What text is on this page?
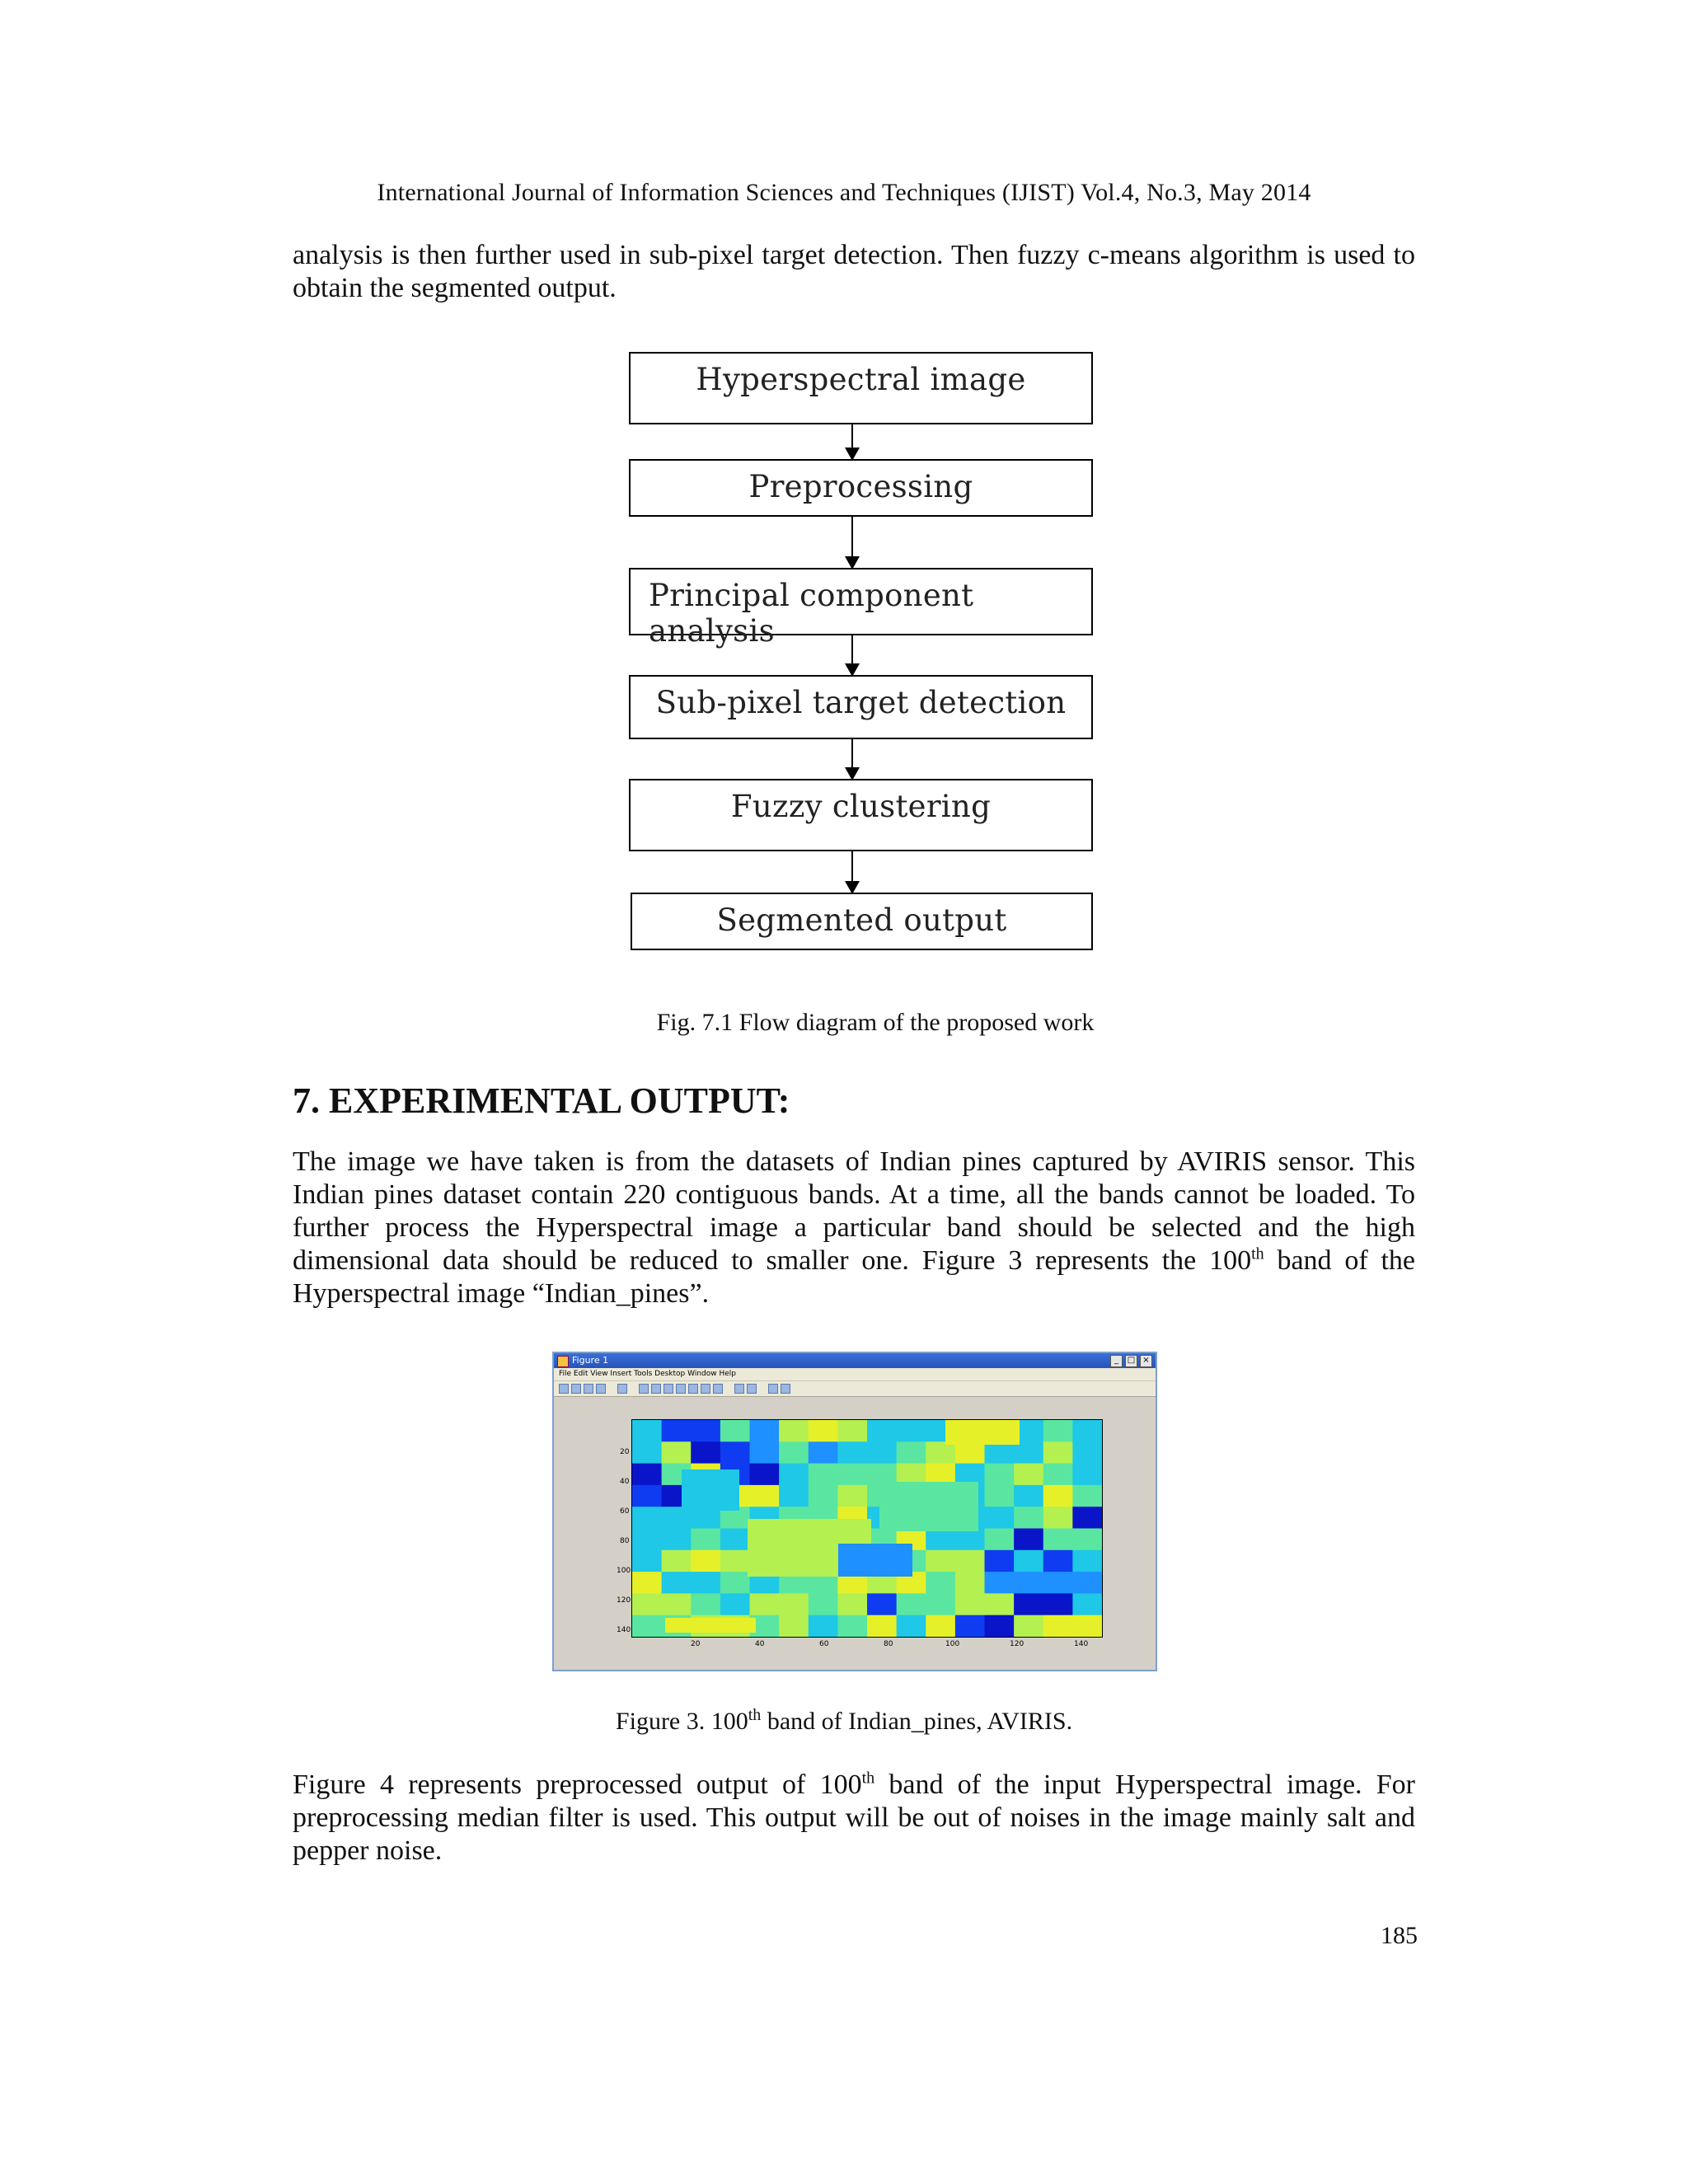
International Journal of Information Sciences and Techniques (IJIST) Vol.4, No.3, May 2014
analysis is then further used in sub-pixel target detection. Then fuzzy c-means algorithm is used to obtain the segmented output.
Hyperspectral image
Preprocessing
Principal component analysis
Sub-pixel target detection
Fuzzy clustering
Segmented output
Fig. 7.1 Flow diagram of the proposed work
7. EXPERIMENTAL OUTPUT:
The image we have taken is from the datasets of Indian pines captured by AVIRIS sensor. This Indian pines dataset contain 220 contiguous bands. At a time, all the bands cannot be loaded. To further process the Hyperspectral image a particular band should be selected and the high dimensional data should be reduced to smaller one. Figure 3 represents the 100th band of the Hyperspectral image “Indian_pines”.
Figure 1	_	□ ×
File Edit View Insert Tools Desktop Window Help
20
40
60
80
100
120
140
20	40	60	80	100	120	140
Figure 3. 100th band of Indian_pines, AVIRIS.
Figure 4 represents preprocessed output of 100th band of the input Hyperspectral image. For preprocessing median filter is used. This output will be out of noises in the image mainly salt and pepper noise.
185
